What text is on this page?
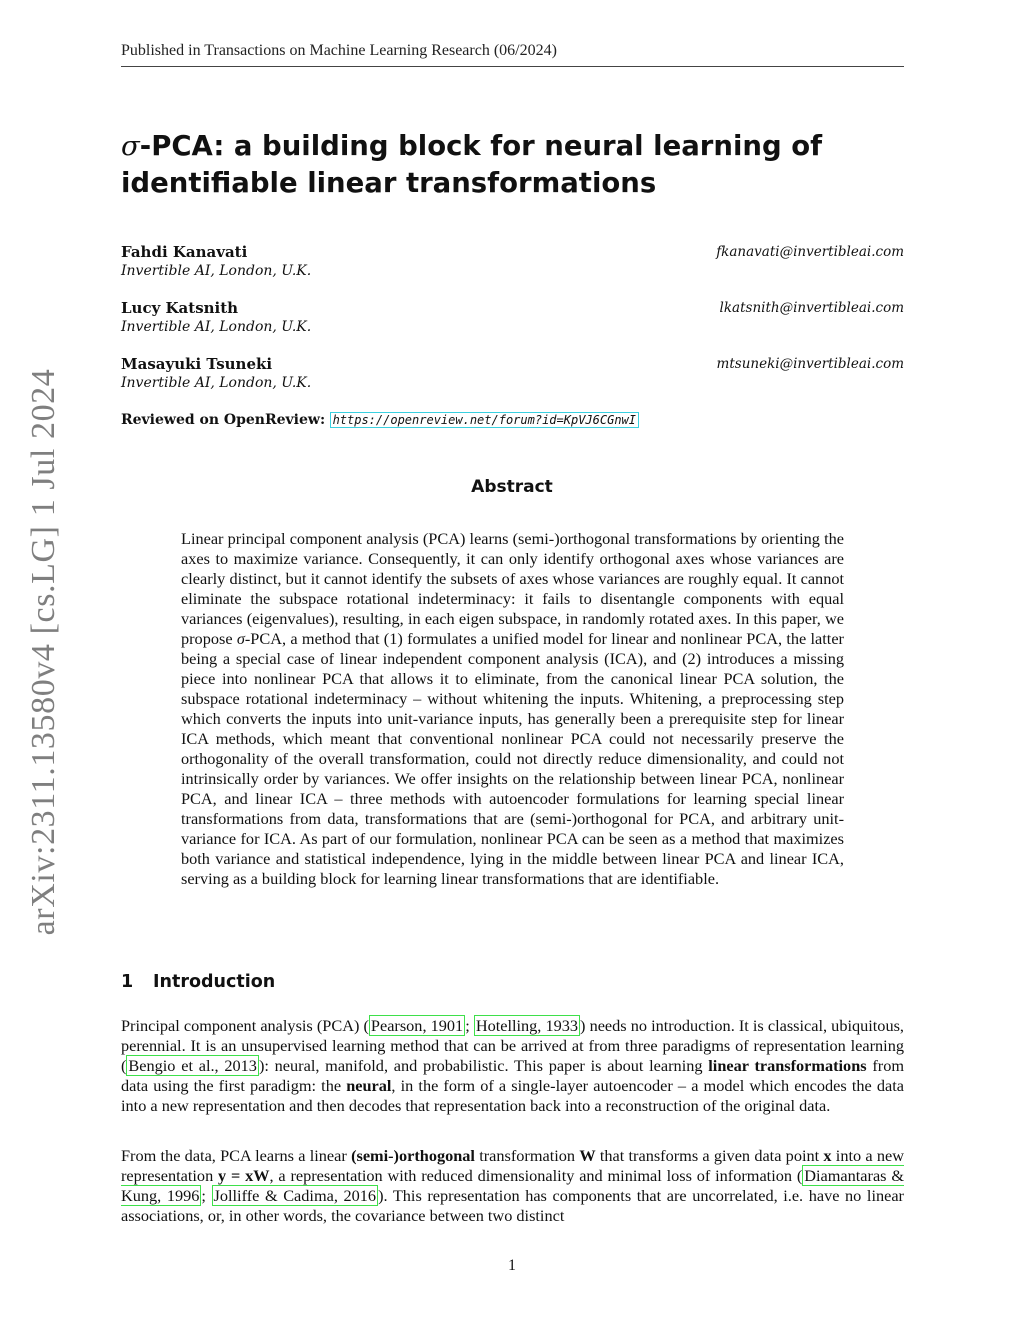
Published in Transactions on Machine Learning Research (06/2024)
σ-PCA: a building block for neural learning of identifiable linear transformations
Fahdi Kanavati
Invertible AI, London, U.K.
fkanavati@invertibleai.com
Lucy Katsnith
Invertible AI, London, U.K.
lkatsnith@invertibleai.com
Masayuki Tsuneki
Invertible AI, London, U.K.
mtsuneki@invertibleai.com
Reviewed on OpenReview: https://openreview.net/forum?id=KpVJ6CGnwI
Abstract

Linear principal component analysis (PCA) learns (semi-)orthogonal transformations by orienting the axes to maximize variance. Consequently, it can only identify orthogonal axes whose variances are clearly distinct, but it cannot identify the subsets of axes whose variances are roughly equal. It cannot eliminate the subspace rotational indeterminacy: it fails to disentangle components with equal variances (eigenvalues), resulting, in each eigen subspace, in randomly rotated axes. In this paper, we propose σ-PCA, a method that (1) formulates a unified model for linear and nonlinear PCA, the latter being a special case of linear independent component analysis (ICA), and (2) introduces a missing piece into nonlinear PCA that allows it to eliminate, from the canonical linear PCA solution, the subspace rotational indeterminacy – without whitening the inputs. Whitening, a preprocessing step which converts the inputs into unit-variance inputs, has generally been a prerequisite step for linear ICA methods, which meant that conventional nonlinear PCA could not necessarily preserve the orthogonality of the overall transformation, could not directly reduce dimensionality, and could not intrinsically order by variances. We offer insights on the relationship between linear PCA, nonlinear PCA, and linear ICA – three methods with autoencoder formulations for learning special linear transformations from data, transformations that are (semi-)orthogonal for PCA, and arbitrary unit-variance for ICA. As part of our formulation, nonlinear PCA can be seen as a method that maximizes both variance and statistical independence, lying in the middle between linear PCA and linear ICA, serving as a building block for learning linear transformations that are identifiable.

1 Introduction

Principal component analysis (PCA) ( Pearson, 1901 ; Hotelling, 1933 ) needs no introduction. It is classical, ubiquitous, perennial. It is an unsupervised learning method that can be arrived at from three paradigms of representation learning ( Bengio et al., 2013 ): neural, manifold, and probabilistic. This paper is about learning linear transformations from data using the first paradigm: the neural, in the form of a single-layer autoencoder – a model which encodes the data into a new representation and then decodes that representation back into a reconstruction of the original data.

From the data, PCA learns a linear (semi-)orthogonal transformation W that transforms a given data point x into a new representation y = xW, a representation with reduced dimensionality and minimal loss of information ( Diamantaras & Kung, 1996 ; Jolliffe & Cadima, 2016 ). This representation has components that are uncorrelated, i.e. have no linear associations, or, in other words, the covariance between two distinct

1
arXiv:2311.13580v4 [cs.LG] 1 Jul 2024
